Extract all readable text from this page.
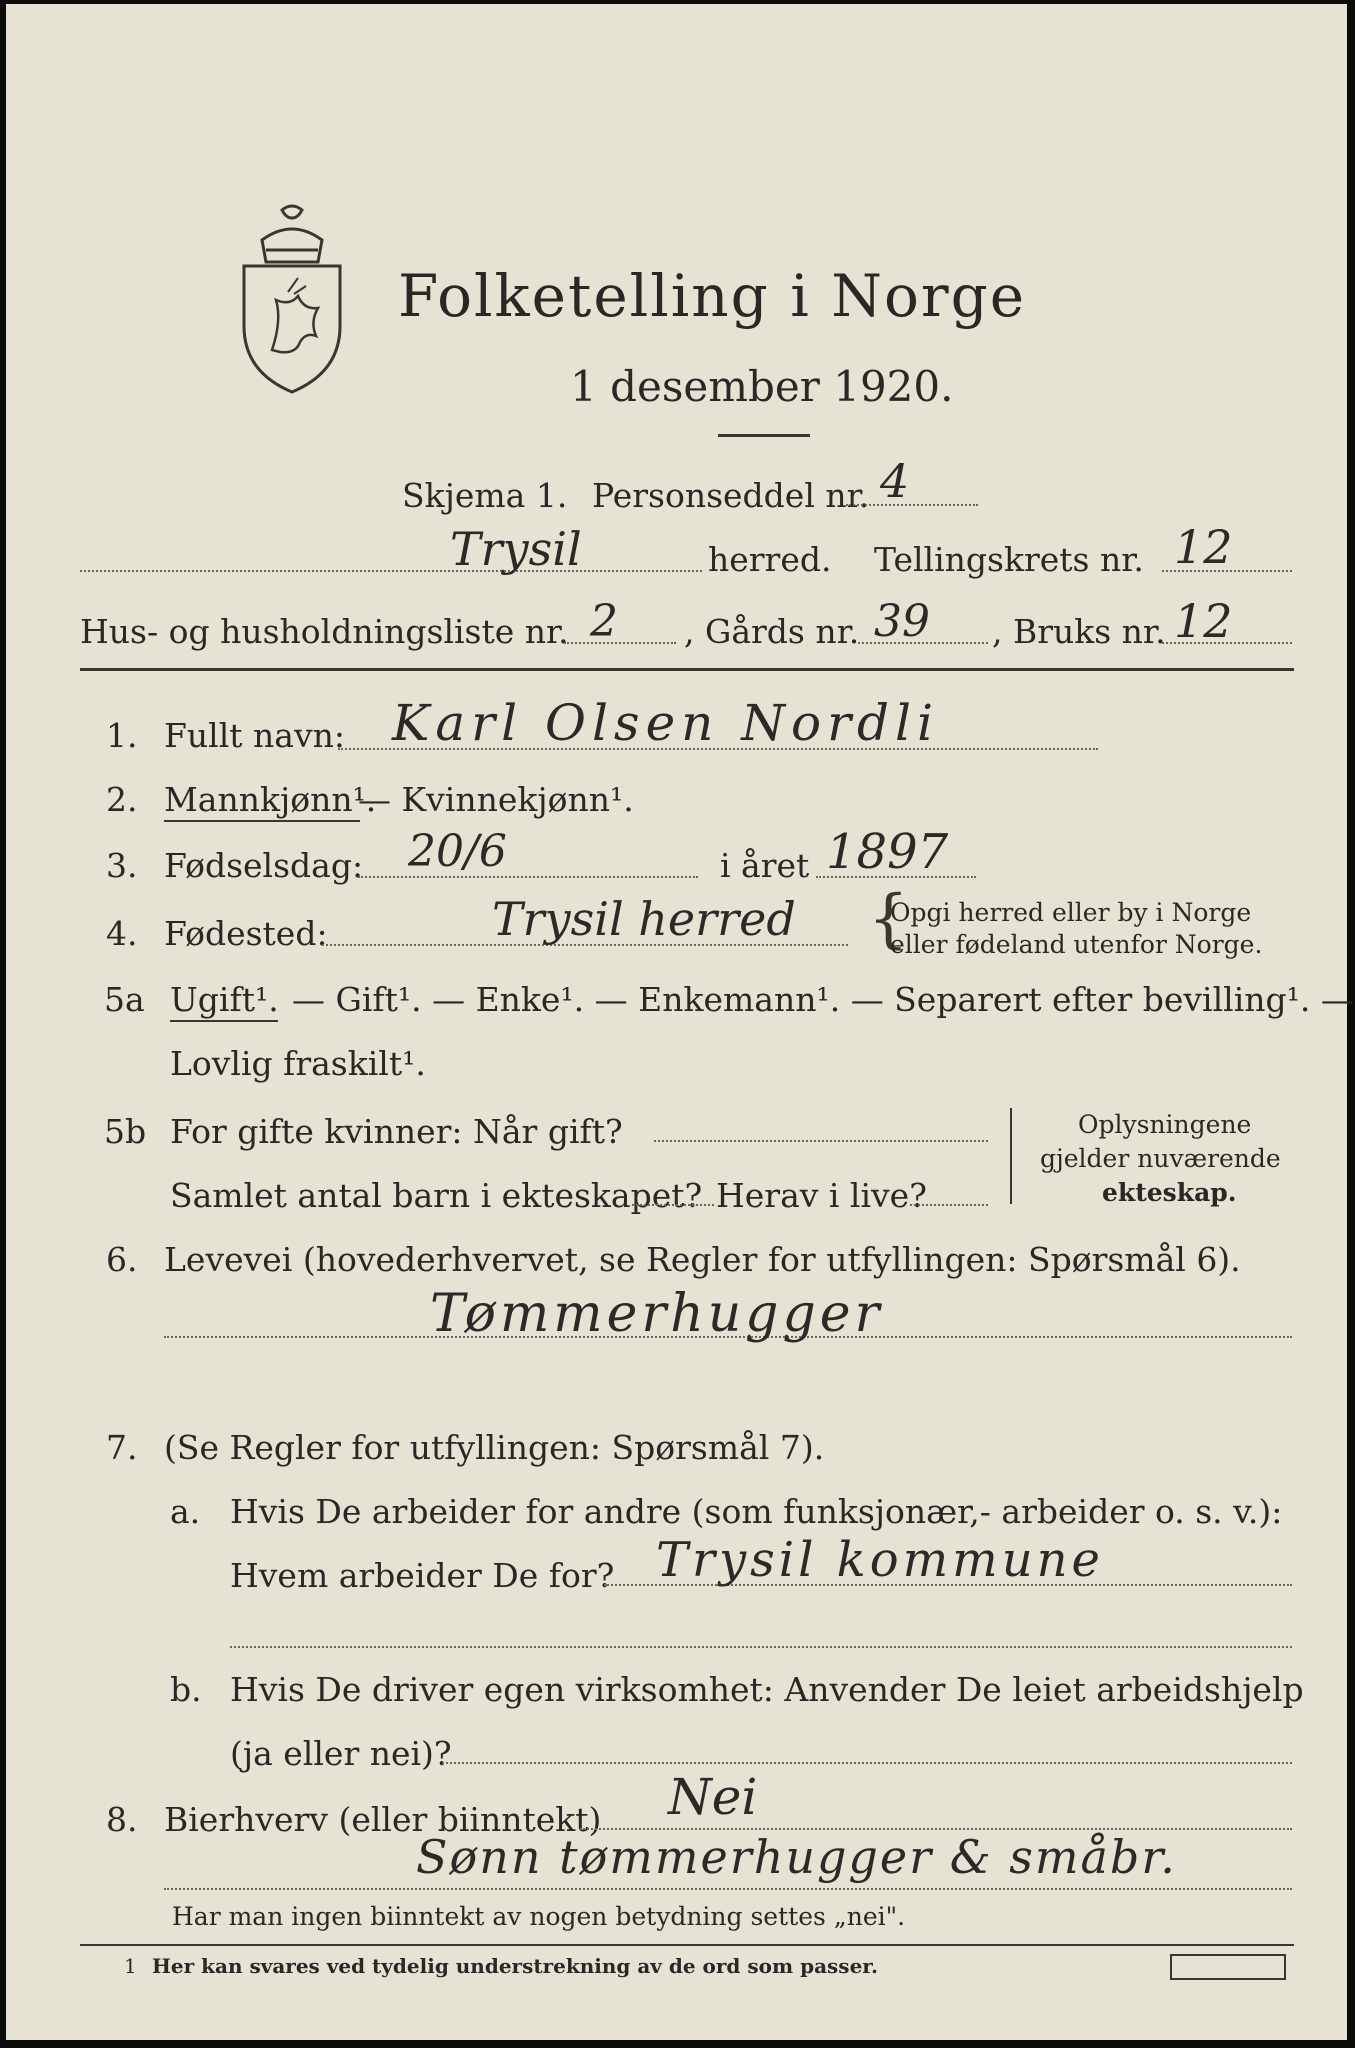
Folketelling i Norge
1 desember 1920.
Skjema 1. Personseddel nr. 4
Trysil	herred. Tellingskrets nr. 12
Hus- og husholdningsliste nr. 2 , Gårds nr. 39 , Bruks nr. 12
1. Fullt navn: Karl Olsen Nordli
2. Mannkjønn¹.
— Kvinnekjønn¹.
3. Fødselsdag: 20/6	i året 1897
4. Fødested:	Trysil herred {
Opgi herred eller by i Norge
eller fødeland utenfor Norge.
5a Ugift¹. — Gift¹. — Enke¹. — Enkemann¹. — Separert efter bevilling¹. —
Lovlig fraskilt¹.
5b For gifte kvinner: Når gift?
Samlet antal barn i ekteskapet? Herav i live?
Oplysningene
gjelder nuværende
ekteskap.
6. Levevei (hovederhvervet, se Regler for utfyllingen: Spørsmål 6).
Tømmerhugger
7. (Se Regler for utfyllingen: Spørsmål 7).
a. Hvis De arbeider for andre (som funksjonær,- arbeider o. s. v.):
Hvem arbeider De for? Trysil kommune
b. Hvis De driver egen virksomhet: Anvender De leiet arbeidshjelp
(ja eller nei)?
8. Bierhverv (eller biinntekt) Nei
Sønn tømmerhugger & småbr.
Har man ingen biinntekt av nogen betydning settes „nei".
1 Her kan svares ved tydelig understrekning av de ord som passer.
